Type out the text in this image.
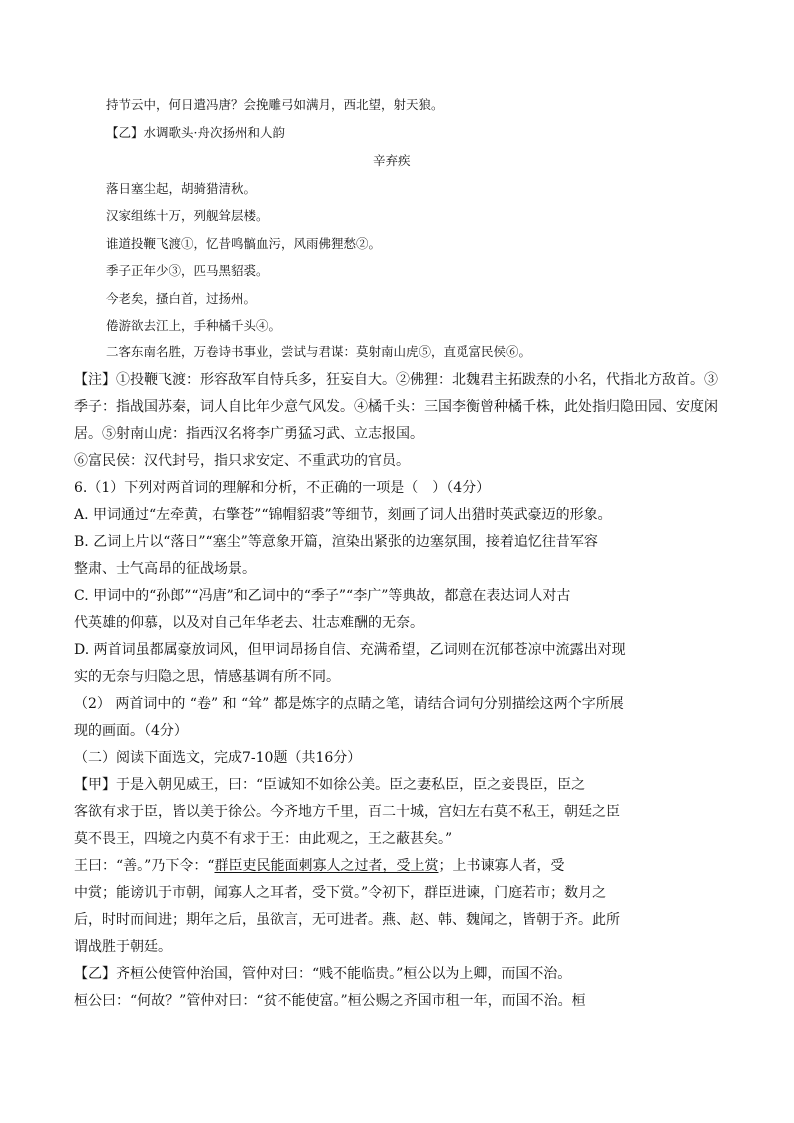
持节云中，何日遣冯唐？会挽雕弓如满月，西北望，射天狼。
【乙】水调歌头·舟次扬州和人韵
辛弃疾
落日塞尘起，胡骑猎清秋。
汉家组练十万，列舰耸层楼。
谁道投鞭飞渡①，忆昔鸣髇血污，风雨佛狸愁②。
季子正年少③，匹马黑貂裘。
今老矣，搔白首，过扬州。
倦游欲去江上，手种橘千头④。
二客东南名胜，万卷诗书事业，尝试与君谋：莫射南山虎⑤，直觅富民侯⑥。
【注】①投鞭飞渡：形容敌军自恃兵多，狂妄自大。②佛狸：北魏君主拓跋焘的小名，代指北方敌首。③
季子：指战国苏秦，词人自比年少意气风发。④橘千头：三国李衡曾种橘千株，此处指归隐田园、安度闲
居。⑤射南山虎：指西汉名将李广勇猛习武、立志报国。
⑥富民侯：汉代封号，指只求安定、不重武功的官员。
6.（1）下列对两首词的理解和分析，不正确的一项是（　）（4分）
A. 甲词通过“左牵黄，右擎苍”“锦帽貂裘”等细节，刻画了词人出猎时英武豪迈的形象。
B. 乙词上片以“落日”“塞尘”等意象开篇，渲染出紧张的边塞氛围，接着追忆往昔军容
整肃、士气高昂的征战场景。
C. 甲词中的“孙郎”“冯唐”和乙词中的“季子”“李广”等典故，都意在表达词人对古
代英雄的仰慕，以及对自己年华老去、壮志难酬的无奈。
D. 两首词虽都属豪放词风，但甲词昂扬自信、充满希望，乙词则在沉郁苍凉中流露出对现
实的无奈与归隐之思，情感基调有所不同。
（2） 两首词中的 “卷” 和 “耸” 都是炼字的点睛之笔，请结合词句分别描绘这两个字所展
现的画面。（4分）
（二）阅读下面选文，完成7-10题（共16分）
【甲】于是入朝见威王，曰：“臣诚知不如徐公美。臣之妻私臣，臣之妾畏臣，臣之
客欲有求于臣，皆以美于徐公。今齐地方千里，百二十城，宫妇左右莫不私王，朝廷之臣
莫不畏王，四境之内莫不有求于王：由此观之，王之蔽甚矣。”
王曰：“善。”乃下令：“群臣吏民能面刺寡人之过者，受上赏；上书谏寡人者，受
中赏；能谤讥于市朝，闻寡人之耳者，受下赏。”令初下，群臣进谏，门庭若市；数月之
后，时时而间进；期年之后，虽欲言，无可进者。燕、赵、韩、魏闻之，皆朝于齐。此所
谓战胜于朝廷。
【乙】齐桓公使管仲治国，管仲对曰：“贱不能临贵。”桓公以为上卿，而国不治。
桓公曰：“何故？”管仲对曰：“贫不能使富。”桓公赐之齐国市租一年，而国不治。桓
